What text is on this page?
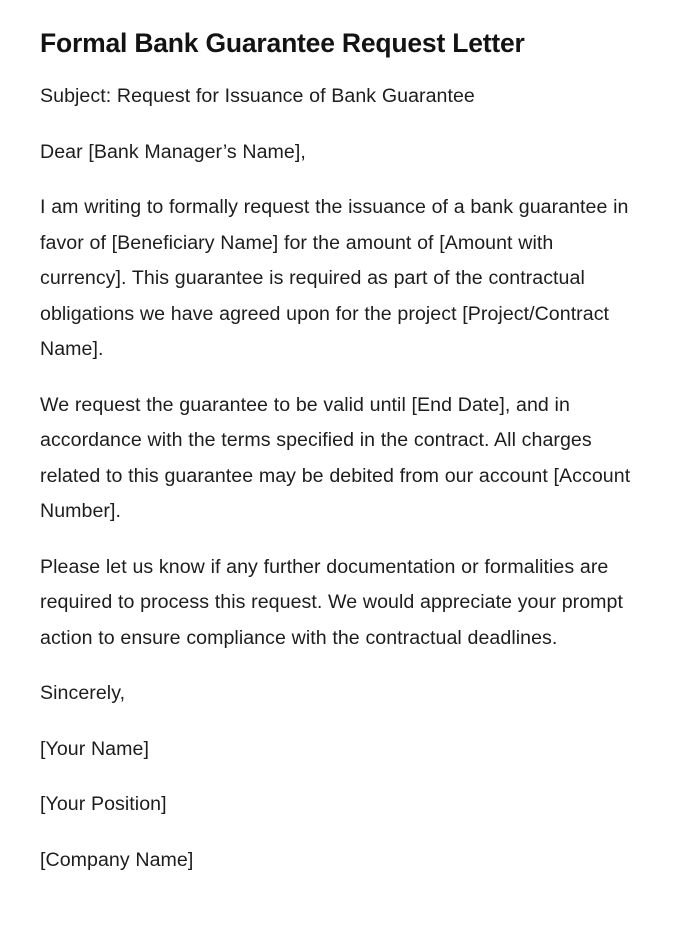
Formal Bank Guarantee Request Letter

Subject: Request for Issuance of Bank Guarantee

Dear [Bank Manager’s Name],

I am writing to formally request the issuance of a bank guarantee in favor of [Beneficiary Name] for the amount of [Amount with currency]. This guarantee is required as part of the contractual obligations we have agreed upon for the project [Project/Contract Name].

We request the guarantee to be valid until [End Date], and in accordance with the terms specified in the contract. All charges related to this guarantee may be debited from our account [Account Number].

Please let us know if any further documentation or formalities are required to process this request. We would appreciate your prompt action to ensure compliance with the contractual deadlines.

Sincerely,

[Your Name]

[Your Position]

[Company Name]
